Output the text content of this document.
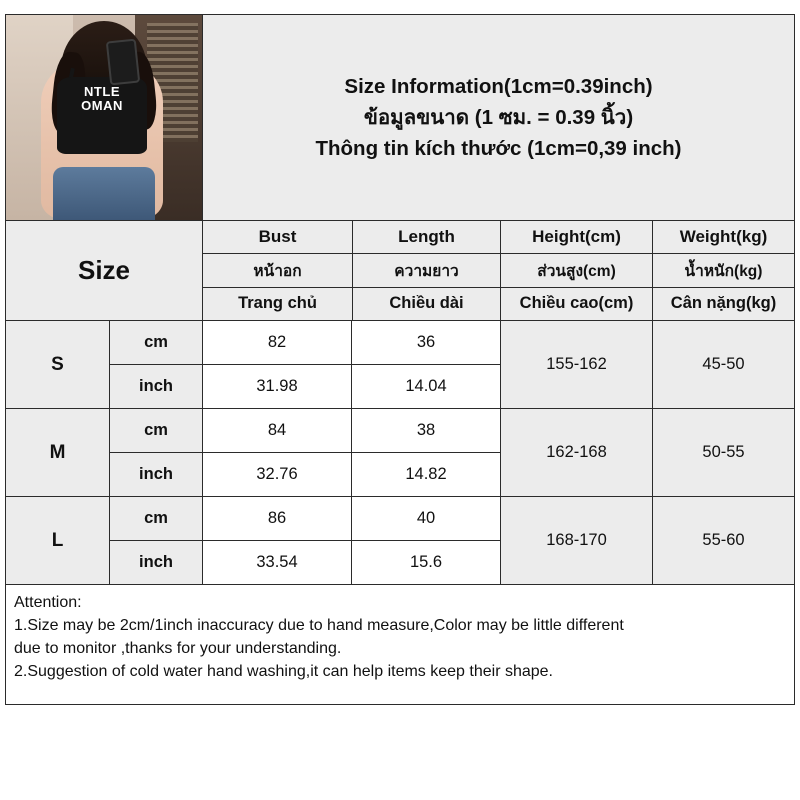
NTLE
OMAN
Size Information(1cm=0.39inch)
ข้อมูลขนาด (1 ซม. = 0.39 นิ้ว)
Thông tin kích thước (1cm=0,39 inch)
Size
Bust	Length	Height(cm)	Weight(kg)
หน้าอก	ความยาว	ส่วนสูง(cm)	น้ำหนัก(kg)
Trang chủ	Chiều dài	Chiều cao(cm)	Cân nặng(kg)
S
cm	82	36
inch	31.98	14.04
155-162	45-50
M
cm	84	38
inch	32.76	14.82
162-168	50-55
L
cm	86	40
inch	33.54	15.6
168-170	55-60
Attention:
1.Size may be 2cm/1inch inaccuracy due to hand measure,Color may be little different
due to monitor ,thanks for your understanding.
2.Suggestion of cold water hand washing,it can help items keep their shape.
